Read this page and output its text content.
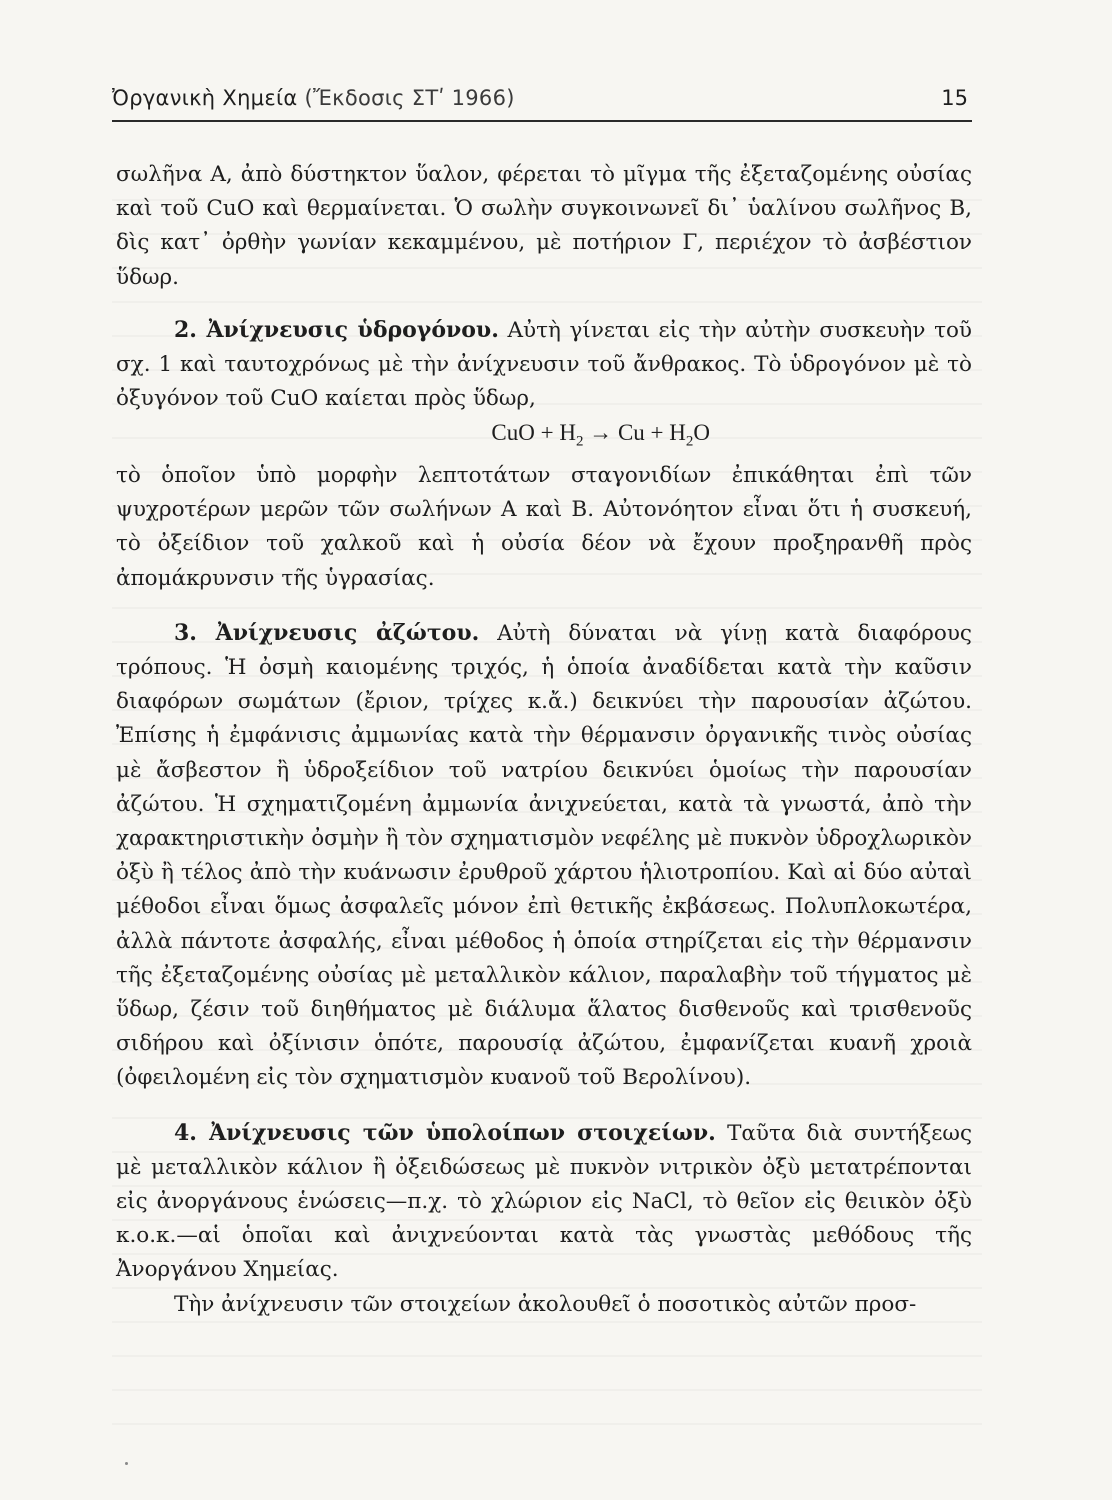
Ὀργανικὴ Χημεία (Ἔκδοσις ΣΤʹ 1966)	15

σωλῆνα Α, ἀπὸ δύστηκτον ὕαλον, φέρεται τὸ μῖγμα τῆς ἐξεταζομένης οὐσίας καὶ τοῦ CuO καὶ θερμαίνεται. Ὁ σωλὴν συγκοινωνεῖ δι᾽ ὑαλίνου σωλῆνος Β, δὶς κατ᾽ ὀρθὴν γωνίαν κεκαμμένου, μὲ ποτήριον Γ, περιέχον τὸ ἀσβέστιον ὕδωρ.

2. Ἀνίχνευσις ὑδρογόνου. Αὐτὴ γίνεται εἰς τὴν αὐτὴν συσκευὴν τοῦ σχ. 1 καὶ ταυτοχρόνως μὲ τὴν ἀνίχνευσιν τοῦ ἄνθρακος. Τὸ ὑδρογόνον μὲ τὸ ὀξυγόνον τοῦ CuO καίεται πρὸς ὕδωρ,

CuO + $H_2 \to Cu + H_2O$

τὸ ὁποῖον ὑπὸ μορφὴν λεπτοτάτων σταγονιδίων ἐπικάθηται ἐπὶ τῶν ψυχροτέρων μερῶν τῶν σωλήνων Α καὶ Β. Αὐτονόητον εἶναι ὅτι ἡ συσκευή, τὸ ὀξείδιον τοῦ χαλκοῦ καὶ ἡ οὐσία δέον νὰ ἔχουν προξηρανθῆ πρὸς ἀπομάκρυνσιν τῆς ὑγρασίας.

3. Ἀνίχνευσις ἀζώτου. Αὐτὴ δύναται νὰ γίνῃ κατὰ διαφόρους τρόπους. Ἡ ὀσμὴ καιομένης τριχός, ἡ ὁποία ἀναδίδεται κατὰ τὴν καῦσιν διαφόρων σωμάτων (ἔριον, τρίχες κ.ἄ.) δεικνύει τὴν παρουσίαν ἀζώτου. Ἐπίσης ἡ ἐμφάνισις ἀμμωνίας κατὰ τὴν θέρμανσιν ὀργανικῆς τινὸς οὐσίας μὲ ἄσβεστον ἢ ὑδροξείδιον τοῦ νατρίου δεικνύει ὁμοίως τὴν παρουσίαν ἀζώτου. Ἡ σχηματιζομένη ἀμμωνία ἀνιχνεύεται, κατὰ τὰ γνωστά, ἀπὸ τὴν χαρακτηριστικὴν ὀσμὴν ἢ τὸν σχηματισμὸν νεφέλης μὲ πυκνὸν ὑδροχλωρικὸν ὀξὺ ἢ τέλος ἀπὸ τὴν κυάνωσιν ἐρυθροῦ χάρτου ἡλιοτροπίου. Καὶ αἱ δύο αὐταὶ μέθοδοι εἶναι ὅμως ἀσφαλεῖς μόνον ἐπὶ θετικῆς ἐκβάσεως. Πολυπλοκωτέρα, ἀλλὰ πάντοτε ἀσφαλής, εἶναι μέθοδος ἡ ὁποία στηρίζεται εἰς τὴν θέρμανσιν τῆς ἐξεταζομένης οὐσίας μὲ μεταλλικὸν κάλιον, παραλαβὴν τοῦ τήγματος μὲ ὕδωρ, ζέσιν τοῦ διηθήματος μὲ διάλυμα ἅλατος δισθενοῦς καὶ τρισθενοῦς σιδήρου καὶ ὀξίνισιν ὁπότε, παρουσίᾳ ἀζώτου, ἐμφανίζεται κυανῆ χροιὰ (ὀφειλομένη εἰς τὸν σχηματισμὸν κυανοῦ τοῦ Βερολίνου).

4. Ἀνίχνευσις τῶν ὑπολοίπων στοιχείων. Ταῦτα διὰ συντήξεως μὲ μεταλλικὸν κάλιον ἢ ὀξειδώσεως μὲ πυκνὸν νιτρικὸν ὀξὺ μετατρέπονται εἰς ἀνοργάνους ἑνώσεις—π.χ. τὸ χλώριον εἰς NaCl, τὸ θεῖον εἰς θειικὸν ὀξὺ κ.ο.κ.—αἱ ὁποῖαι καὶ ἀνιχνεύονται κατὰ τὰς γνωστὰς μεθόδους τῆς Ἀνοργάνου Χημείας.

Τὴν ἀνίχνευσιν τῶν στοιχείων ἀκολουθεῖ ὁ ποσοτικὸς αὐτῶν προσ-
